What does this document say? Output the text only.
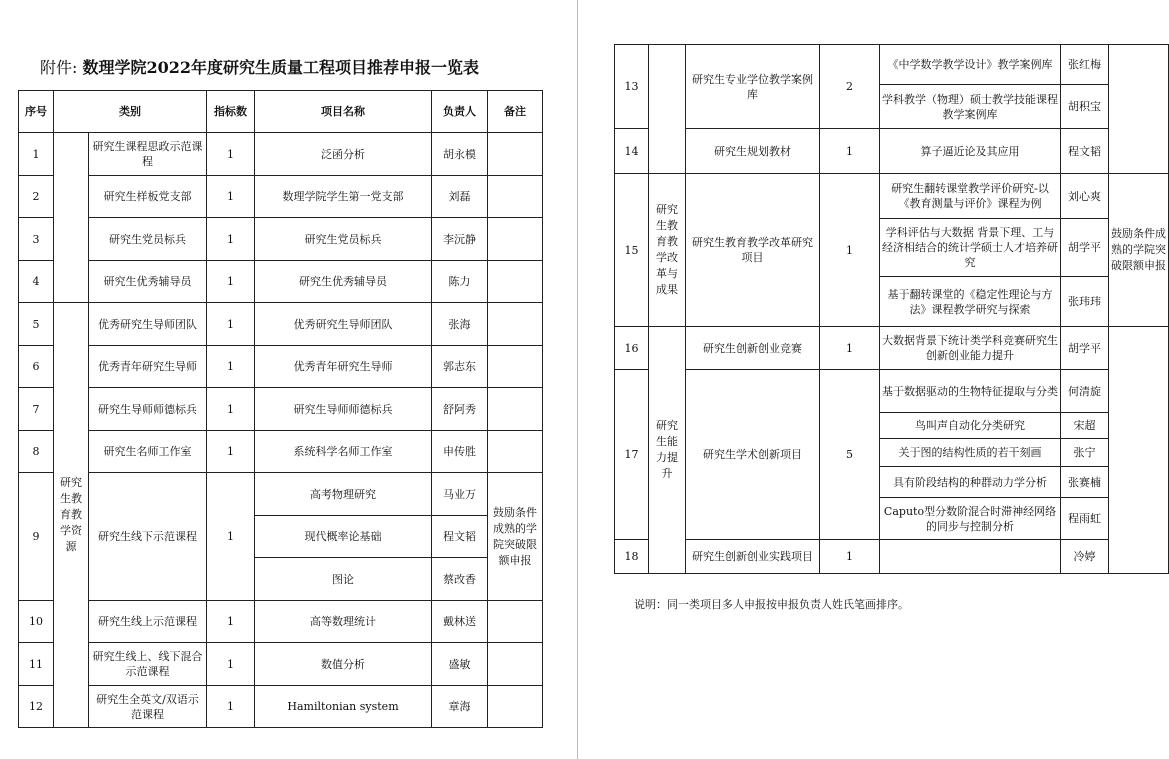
附件: 数理学院2022年度研究生质量工程项目推荐申报一览表
序号	类别		指标数	项目名称	负责人	备注
1		研究生课程思政示范课程	1	泛函分析	胡永模	
2		研究生样板党支部	1	数理学院学生第一党支部	刘磊	
3		研究生党员标兵	1	研究生党员标兵	李沅静	
4		研究生优秀辅导员	1	研究生优秀辅导员	陈力	
5	研究生教育教学资源	优秀研究生导师团队	1	优秀研究生导师团队	张海	
6		优秀青年研究生导师	1	优秀青年研究生导师	郭志东	
7		研究生导师师德标兵	1	研究生导师师德标兵	舒阿秀	
8		研究生名师工作室	1	系统科学名师工作室	申传胜	
9		研究生线下示范课程	1	高考物理研究	马业万	鼓励条件成熟的学院突破限额申报
				现代概率论基础	程文韬	
				图论	蔡改香	
10		研究生线上示范课程	1	高等数理统计	戴林送	
11		研究生线上、线下混合示范课程	1	数值分析	盛敏	
12		研究生全英文/双语示范课程	1	Hamiltonian system	章海	
13		研究生专业学位教学案例库	2	《中学数学教学设计》教学案例库	张红梅	
				学科教学（物理）硕士教学技能课程教学案例库	胡积宝	
14		研究生规划教材	1	算子逼近论及其应用	程文韬	
15	研究生教育教学改革与成果	研究生教育教学改革研究项目	1	研究生翻转课堂教学评价研究-以《教育测量与评价》课程为例	刘心爽	鼓励条件成熟的学院突破限额申报
				学科评估与大数据 背景下理、工与经济相结合的统计学硕士人才培养研究	胡学平	
				基于翻转课堂的《稳定性理论与方法》课程教学研究与探索	张玮玮	
16	研究生能力提升	研究生创新创业竞赛	1	大数据背景下统计类学科竞赛研究生创新创业能力提升	胡学平	
17		研究生学术创新项目	5	基于数据驱动的生物特征提取与分类	何清旋	
				鸟叫声自动化分类研究	宋超	
				关于图的结构性质的若干刻画	张宁	
				具有阶段结构的种群动力学分析	张赛楠	
				Caputo型分数阶混合时滞神经网络的同步与控制分析	程雨虹	
18		研究生创新创业实践项目	1		冷婷	
说明：同一类项目多人申报按申报负责人姓氏笔画排序。
